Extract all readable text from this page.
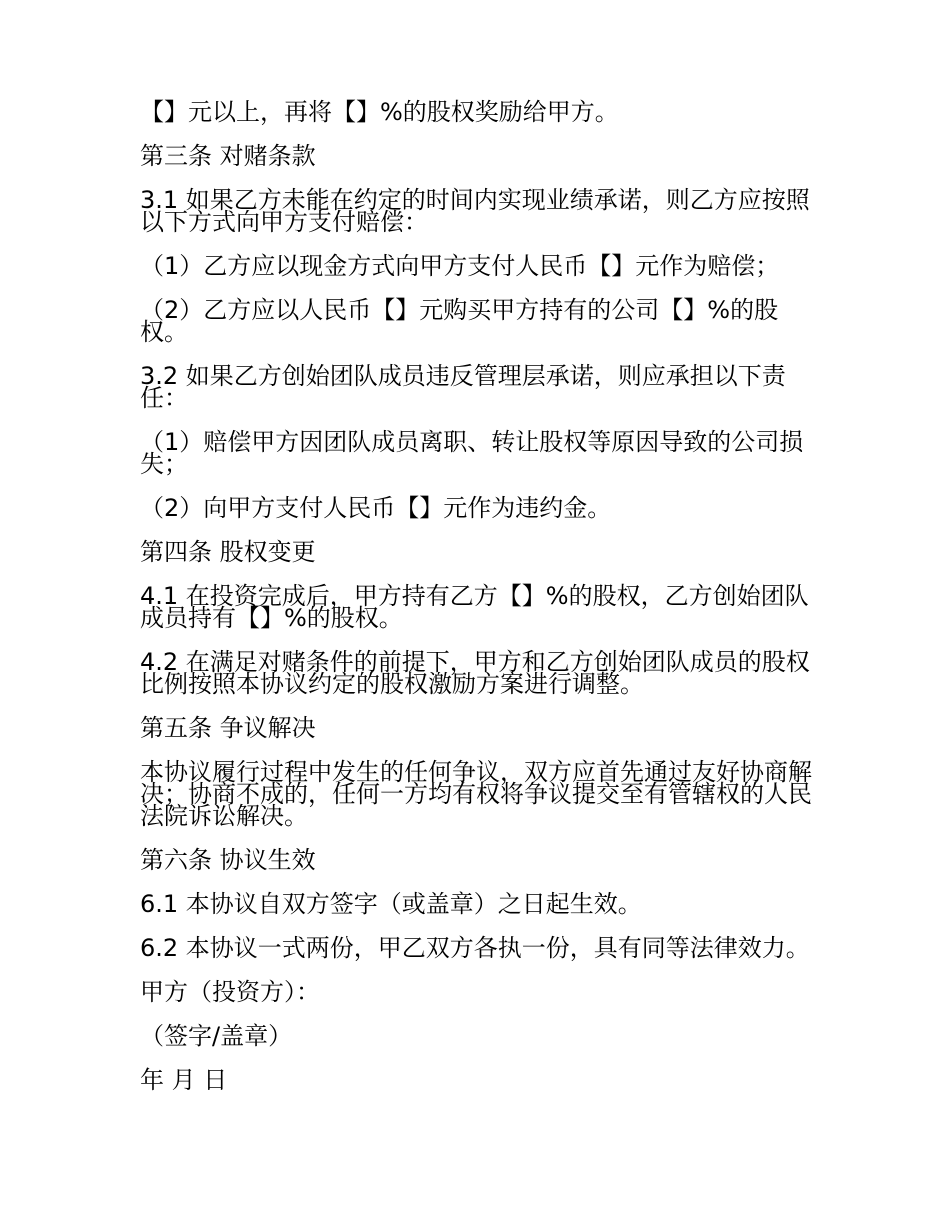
【】元以上，再将【】%的股权奖励给甲方。

第三条 对赌条款

3.1 如果乙方未能在约定的时间内实现业绩承诺，则乙方应按照以下方式向甲方支付赔偿：

（1）乙方应以现金方式向甲方支付人民币【】元作为赔偿；

（2）乙方应以人民币【】元购买甲方持有的公司【】%的股权。

3.2 如果乙方创始团队成员违反管理层承诺，则应承担以下责任：

（1）赔偿甲方因团队成员离职、转让股权等原因导致的公司损失；

（2）向甲方支付人民币【】元作为违约金。

第四条 股权变更

4.1 在投资完成后，甲方持有乙方【】%的股权，乙方创始团队成员持有【】%的股权。

4.2 在满足对赌条件的前提下，甲方和乙方创始团队成员的股权比例按照本协议约定的股权激励方案进行调整。

第五条 争议解决

本协议履行过程中发生的任何争议，双方应首先通过友好协商解决；协商不成的，任何一方均有权将争议提交至有管辖权的人民法院诉讼解决。

第六条 协议生效

6.1 本协议自双方签字（或盖章）之日起生效。

6.2 本协议一式两份，甲乙双方各执一份，具有同等法律效力。

甲方（投资方）：

（签字/盖章）

年 月 日
